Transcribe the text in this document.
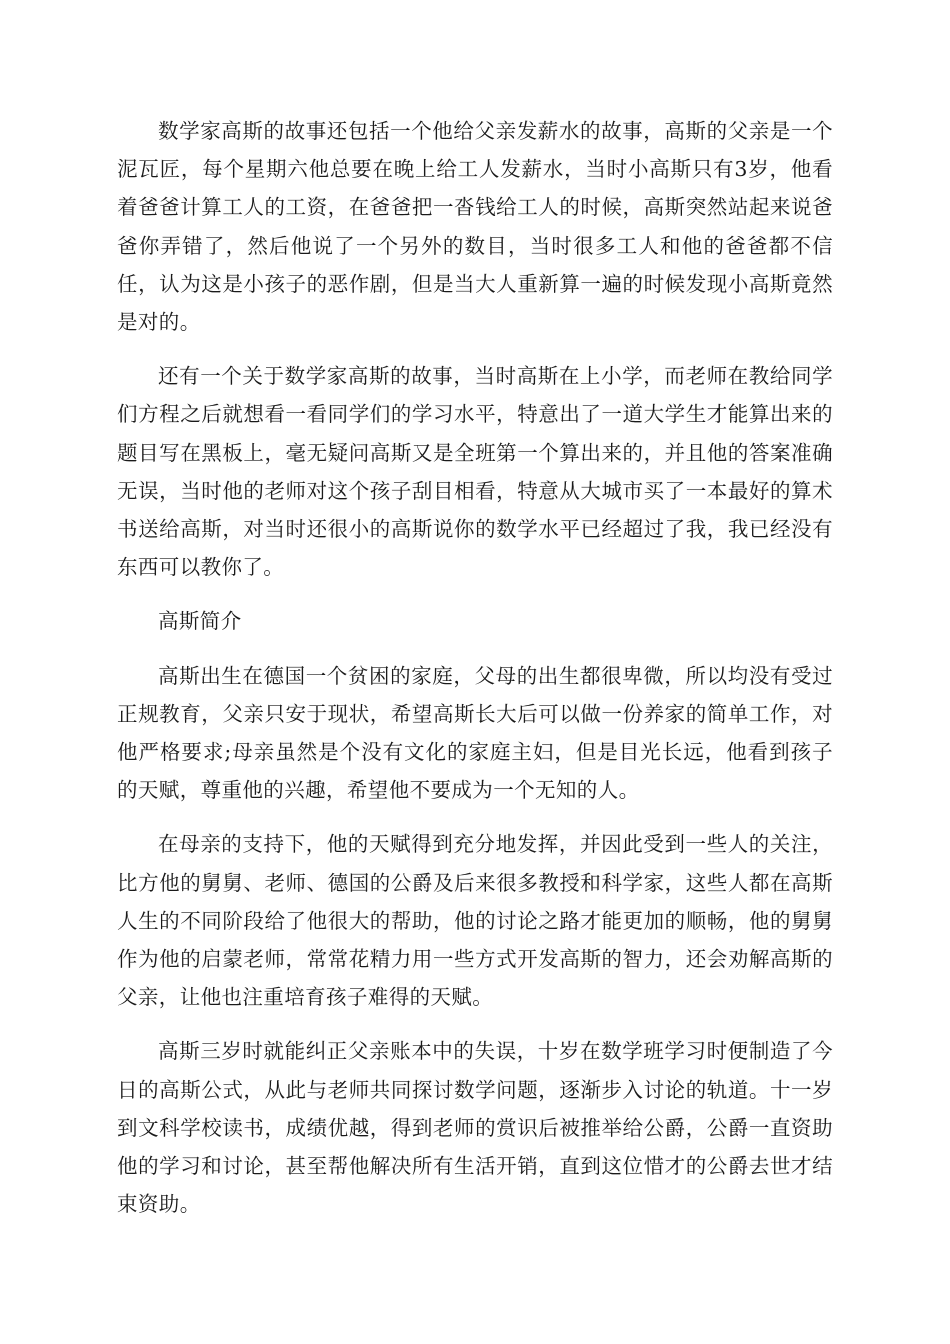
数学家高斯的故事还包括一个他给父亲发薪水的故事，高斯的父亲是一个泥瓦匠，每个星期六他总要在晚上给工人发薪水，当时小高斯只有3岁，他看着爸爸计算工人的工资，在爸爸把一沓钱给工人的时候，高斯突然站起来说爸爸你弄错了，然后他说了一个另外的数目，当时很多工人和他的爸爸都不信任，认为这是小孩子的恶作剧，但是当大人重新算一遍的时候发现小高斯竟然是对的。

还有一个关于数学家高斯的故事，当时高斯在上小学，而老师在教给同学们方程之后就想看一看同学们的学习水平，特意出了一道大学生才能算出来的题目写在黑板上，毫无疑问高斯又是全班第一个算出来的，并且他的答案准确无误，当时他的老师对这个孩子刮目相看，特意从大城市买了一本最好的算术书送给高斯，对当时还很小的高斯说你的数学水平已经超过了我，我已经没有东西可以教你了。

高斯简介

高斯出生在德国一个贫困的家庭，父母的出生都很卑微，所以均没有受过正规教育，父亲只安于现状，希望高斯长大后可以做一份养家的简单工作，对他严格要求;母亲虽然是个没有文化的家庭主妇，但是目光长远，他看到孩子的天赋，尊重他的兴趣，希望他不要成为一个无知的人。

在母亲的支持下，他的天赋得到充分地发挥，并因此受到一些人的关注，比方他的舅舅、老师、德国的公爵及后来很多教授和科学家，这些人都在高斯人生的不同阶段给了他很大的帮助，他的讨论之路才能更加的顺畅，他的舅舅作为他的启蒙老师，常常花精力用一些方式开发高斯的智力，还会劝解高斯的父亲，让他也注重培育孩子难得的天赋。

高斯三岁时就能纠正父亲账本中的失误，十岁在数学班学习时便制造了今日的高斯公式，从此与老师共同探讨数学问题，逐渐步入讨论的轨道。十一岁到文科学校读书，成绩优越，得到老师的赏识后被推举给公爵，公爵一直资助他的学习和讨论，甚至帮他解决所有生活开销，直到这位惜才的公爵去世才结束资助。
